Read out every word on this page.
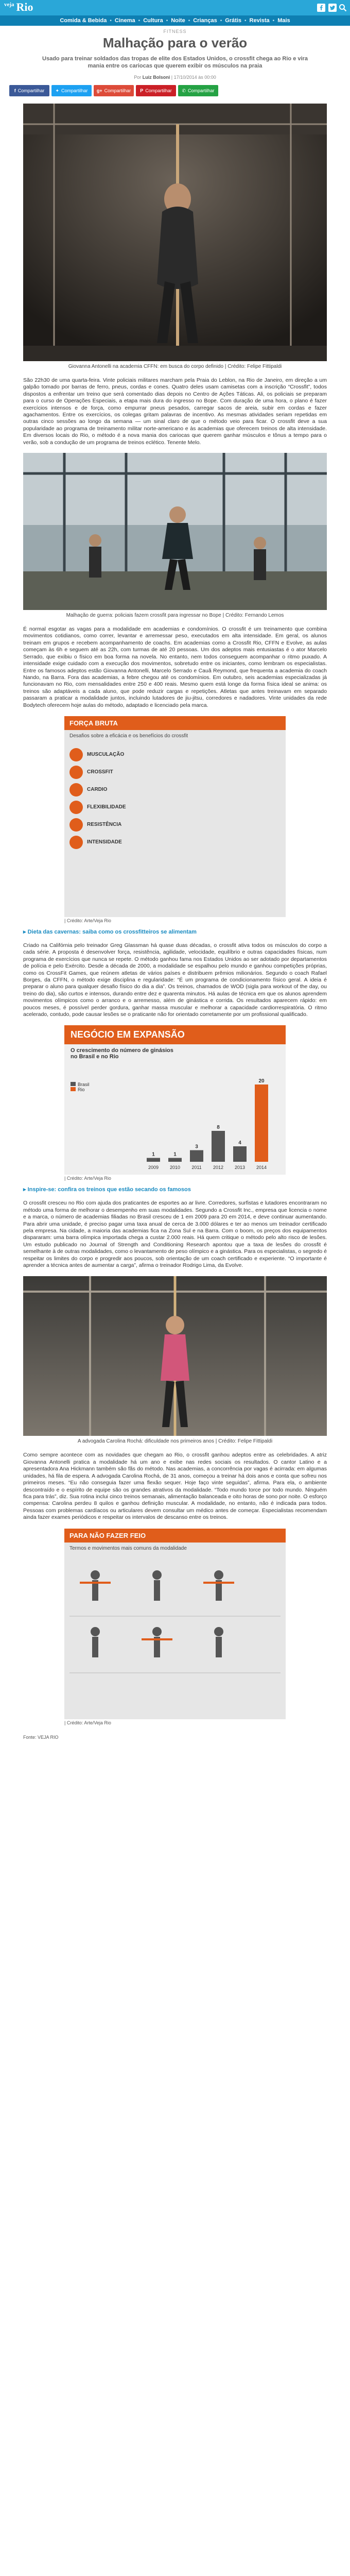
$^{veja}$ Rio
Comida & Bebida • Cinema • Cultura • Noite • Crianças • Grátis • Revista • Mais
FITNESS
Malhação para o verão

Usado para treinar soldados das tropas de elite dos Estados Unidos, o crossfit chega ao Rio e vira mania entre os cariocas que querem exibir os músculos na praia

Por Luiz Bolsoni | 17/10/2014 às 00:00
f Compartilhar ✦ Compartilhar g+ Compartilhar P Compartilhar ✆ Compartilhar
Giovanna Antonelli na academia CFFN: em busca do corpo definido | Crédito: Felipe Fittipaldi

São 22h30 de uma quarta-feira. Vinte policiais militares marcham pela Praia do Leblon, na Rio de Janeiro, em direção a um galpão tomado por barras de ferro, pneus, cordas e cones. Quatro deles usam camisetas com a inscrição “Crossfit”, todos dispostos a enfrentar um treino que será comentado dias depois no Centro de Ações Táticas. Ali, os policiais se preparam para o curso de Operações Especiais, a etapa mais dura do ingresso no Bope. Com duração de uma hora, o plano é fazer exercícios intensos e de força, como empurrar pneus pesados, carregar sacos de areia, subir em cordas e fazer agachamentos. Entre os exercícios, os colegas gritam palavras de incentivo. As mesmas atividades seriam repetidas em outras cinco sessões ao longo da semana — um sinal claro de que o método veio para ficar. O crossfit deve a sua popularidade ao programa de treinamento militar norte-americano e às academias que oferecem treinos de alta intensidade. Em diversos locais do Rio, o método é a nova mania dos cariocas que querem ganhar músculos e tônus a tempo para o verão, sob a condução de um programa de treinos eclético. Tenente Melo.

Malhação de guerra: policiais fazem crossfit para ingressar no Bope | Crédito: Fernando Lemos

É normal esgotar as vagas para a modalidade em academias e condomínios. O crossfit é um treinamento que combina movimentos cotidianos, como correr, levantar e arremessar peso, executados em alta intensidade. Em geral, os alunos treinam em grupos e recebem acompanhamento de coachs. Em academias como a Crossfit Rio, CFFN e Evolve, as aulas começam às 6h e seguem até as 22h, com turmas de até 20 pessoas. Um dos adeptos mais entusiastas é o ator Marcelo Serrado, que exibiu o físico em boa forma na novela. No entanto, nem todos conseguem acompanhar o ritmo puxado. A intensidade exige cuidado com a execução dos movimentos, sobretudo entre os iniciantes, como lembram os especialistas. Entre os famosos adeptos estão Giovanna Antonelli, Marcelo Serrado e Cauã Reymond, que frequenta a academia do coach Nando, na Barra. Fora das academias, a febre chegou até os condomínios. Em outubro, seis academias especializadas já funcionavam no Rio, com mensalidades entre 250 e 400 reais. Mesmo quem está longe da forma física ideal se anima: os treinos são adaptáveis a cada aluno, que pode reduzir cargas e repetições. Atletas que antes treinavam em separado passaram a praticar a modalidade juntos, incluindo lutadores de jiu-jitsu, corredores e nadadores. Vinte unidades da rede Bodytech oferecem hoje aulas do método, adaptado e licenciado pela marca.

FORÇA BRUTA
Desafios sobre a eficácia e os benefícios do crossfit
MUSCULAÇÃO
CROSSFIT
CARDIO
FLEXIBILIDADE
RESISTÊNCIA
INTENSIDADE
| Crédito: Arte/Veja Rio
▸ Dieta das cavernas: saiba como os crossfitteiros se alimentam

Criado na Califórnia pelo treinador Greg Glassman há quase duas décadas, o crossfit ativa todos os músculos do corpo a cada série. A proposta é desenvolver força, resistência, agilidade, velocidade, equilíbrio e outras capacidades físicas, num programa de exercícios que nunca se repete. O método ganhou fama nos Estados Unidos ao ser adotado por departamentos de polícia e pelo Exército. Desde a década de 2000, a modalidade se espalhou pelo mundo e ganhou competições próprias, como os CrossFit Games, que reúnem atletas de vários países e distribuem prêmios milionários. Segundo o coach Rafael Borges, da CFFN, o método exige disciplina e regularidade: “É um programa de condicionamento físico geral. A ideia é preparar o aluno para qualquer desafio físico do dia a dia”. Os treinos, chamados de WOD (sigla para workout of the day, ou treino do dia), são curtos e intensos, durando entre dez e quarenta minutos. Há aulas de técnica em que os alunos aprendem movimentos olímpicos como o arranco e o arremesso, além de ginástica e corrida. Os resultados aparecem rápido: em poucos meses, é possível perder gordura, ganhar massa muscular e melhorar a capacidade cardiorrespiratória. O ritmo acelerado, contudo, pode causar lesões se o praticante não for orientado corretamente por um profissional qualificado.

NEGÓCIO EM EXPANSÃO
O crescimento do número de ginásios no Brasil e no Rio
Brasil
Rio
1
2009
1
2010
3
2011
8
2012
4
2013
20
2014
| Crédito: Arte/Veja Rio
▸ Inspire-se: confira os treinos que estão secando os famosos

O crossfit cresceu no Rio com ajuda dos praticantes de esportes ao ar livre. Corredores, surfistas e lutadores encontraram no método uma forma de melhorar o desempenho em suas modalidades. Segundo a Crossfit Inc., empresa que licencia o nome e a marca, o número de academias filiadas no Brasil cresceu de 1 em 2009 para 20 em 2014, e deve continuar aumentando. Para abrir uma unidade, é preciso pagar uma taxa anual de cerca de 3.000 dólares e ter ao menos um treinador certificado pela empresa. Na cidade, a maioria das academias fica na Zona Sul e na Barra. Com o boom, os preços dos equipamentos dispararam: uma barra olímpica importada chega a custar 2.000 reais. Há quem critique o método pelo alto risco de lesões. Um estudo publicado no Journal of Strength and Conditioning Research apontou que a taxa de lesões do crossfit é semelhante à de outras modalidades, como o levantamento de peso olímpico e a ginástica. Para os especialistas, o segredo é respeitar os limites do corpo e progredir aos poucos, sob orientação de um coach certificado e experiente. “O importante é aprender a técnica antes de aumentar a carga”, afirma o treinador Rodrigo Lima, da Evolve.

A advogada Carolina Rochá: dificuldade nos primeiros anos | Crédito: Felipe Fittipaldi

Como sempre acontece com as novidades que chegam ao Rio, o crossfit ganhou adeptos entre as celebridades. A atriz Giovanna Antonelli pratica a modalidade há um ano e exibe nas redes sociais os resultados. O cantor Latino e a apresentadora Ana Hickmann também são fãs do método. Nas academias, a concorrência por vagas é acirrada: em algumas unidades, há fila de espera. A advogada Carolina Rochá, de 31 anos, começou a treinar há dois anos e conta que sofreu nos primeiros meses. “Eu não conseguia fazer uma flexão sequer. Hoje faço vinte seguidas”, afirma. Para ela, o ambiente descontraído e o espírito de equipe são os grandes atrativos da modalidade. “Todo mundo torce por todo mundo. Ninguém fica para trás”, diz. Sua rotina inclui cinco treinos semanais, alimentação balanceada e oito horas de sono por noite. O esforço compensa: Carolina perdeu 8 quilos e ganhou definição muscular. A modalidade, no entanto, não é indicada para todos. Pessoas com problemas cardíacos ou articulares devem consultar um médico antes de começar. Especialistas recomendam ainda fazer exames periódicos e respeitar os intervalos de descanso entre os treinos.

PARA NÃO FAZER FEIO
Termos e movimentos mais comuns da modalidade
| Crédito: Arte/Veja Rio
Fonte: VEJA RIO
